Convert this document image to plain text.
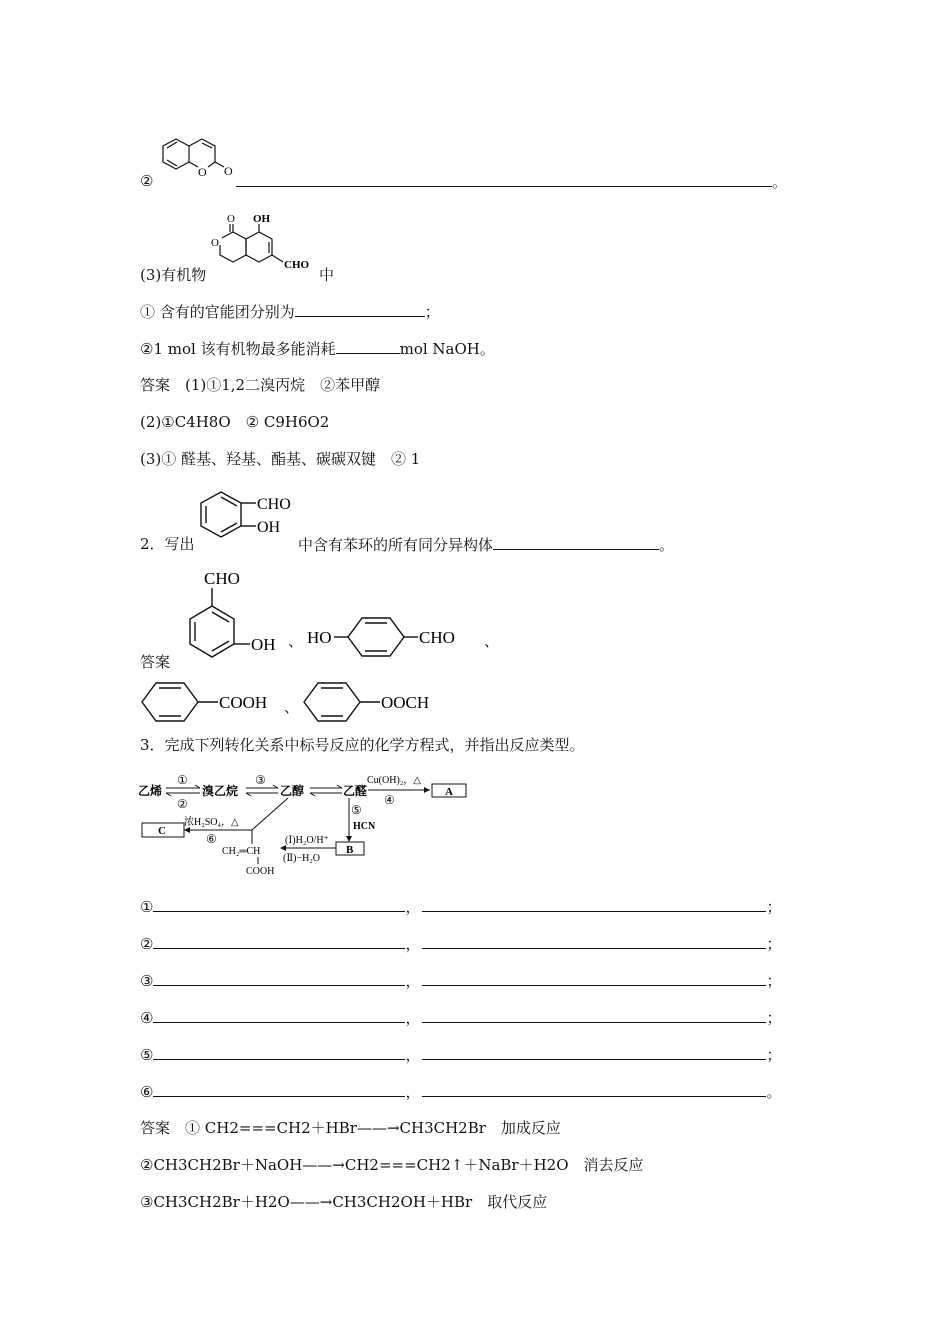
②	O O
。
(3)有机物
O
O
OH
CHO
中
① 含有的官能团分别为	；
②1 mol 该有机物最多能消耗	mol NaOH。
答案　(1)①1,2二溴丙烷　②苯甲醇
(2)①C4H8O　② C9H6O2
(3)① 醛基、羟基、酯基、碳碳双键　② 1
2．写出
CHO
OH
中含有苯环的所有同分异构体	。
答案
CHO
OH 、 HO	CHO 、
COOH 、	OOCH
3．完成下列转化关系中标号反应的化学方程式，并指出反应类型。
乙烯
①
②
溴乙烷
③
乙醇	乙醛
Cu(OH)₂，△
④
A
⑤
HCN
B
(Ⅰ)H₂O/H⁺
(Ⅱ)−H₂O
CH₂═CH
COOH
浓H₂SO₄，△
⑥
C
①	，	；
②	，	；
③	，	；
④	，	；
⑤	，	；
⑥	，	。
答案　① CH2===CH2＋HBr——→CH3CH2Br　加成反应
②CH3CH2Br＋NaOH——→CH2===CH2↑＋NaBr＋H2O　消去反应
③CH3CH2Br＋H2O——→CH3CH2OH＋HBr　取代反应
